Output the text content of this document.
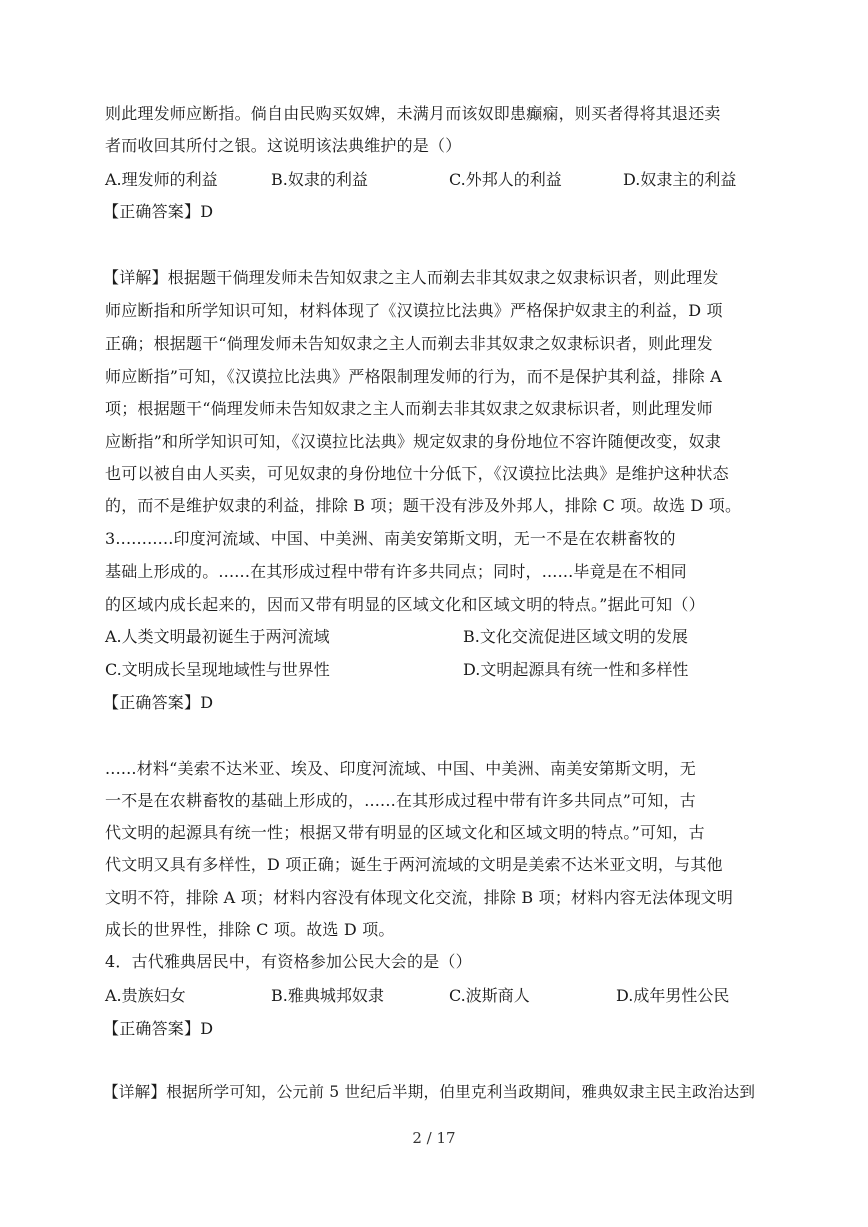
则此理发师应断指。倘自由民购买奴婢，未满月而该奴即患癫痫，则买者得将其退还卖
者而收回其所付之银。这说明该法典维护的是（）
A.理发师的利益	B.奴隶的利益	C.外邦人的利益	D.奴隶主的利益
【正确答案】D
【详解】根据题干倘理发师未告知奴隶之主人而剃去非其奴隶之奴隶标识者，则此理发
师应断指和所学知识可知，材料体现了《汉谟拉比法典》严格保护奴隶主的利益，D 项
正确；根据题干“倘理发师未告知奴隶之主人而剃去非其奴隶之奴隶标识者，则此理发
师应断指”可知，《汉谟拉比法典》严格限制理发师的行为，而不是保护其利益，排除 A
项；根据题干“倘理发师未告知奴隶之主人而剃去非其奴隶之奴隶标识者，则此理发师
应断指”和所学知识可知，《汉谟拉比法典》规定奴隶的身份地位不容许随便改变，奴隶
也可以被自由人买卖，可见奴隶的身份地位十分低下，《汉谟拉比法典》是维护这种状态
的，而不是维护奴隶的利益，排除 B 项；题干没有涉及外邦人，排除 C 项。故选 D 项。
3...........印度河流域、中国、中美洲、南美安第斯文明，无一不是在农耕畜牧的
基础上形成的。......在其形成过程中带有许多共同点；同时，......毕竟是在不相同
的区域内成长起来的，因而又带有明显的区域文化和区域文明的特点。”据此可知（）
A.人类文明最初诞生于两河流域	B.文化交流促进区域文明的发展
C.文明成长呈现地域性与世界性	D.文明起源具有统一性和多样性
【正确答案】D
......材料“美索不达米亚、埃及、印度河流域、中国、中美洲、南美安第斯文明，无
一不是在农耕畜牧的基础上形成的，......在其形成过程中带有许多共同点”可知，古
代文明的起源具有统一性；根据又带有明显的区域文化和区域文明的特点。”可知，古
代文明又具有多样性，D 项正确；诞生于两河流域的文明是美索不达米亚文明，与其他
文明不符，排除 A 项；材料内容没有体现文化交流，排除 B 项；材料内容无法体现文明
成长的世界性，排除 C 项。故选 D 项。
4．古代雅典居民中，有资格参加公民大会的是（）
A.贵族妇女	B.雅典城邦奴隶	C.波斯商人	D.成年男性公民
【正确答案】D
【详解】根据所学可知，公元前 5 世纪后半期，伯里克利当政期间，雅典奴隶主民主政治达到
2 / 17
